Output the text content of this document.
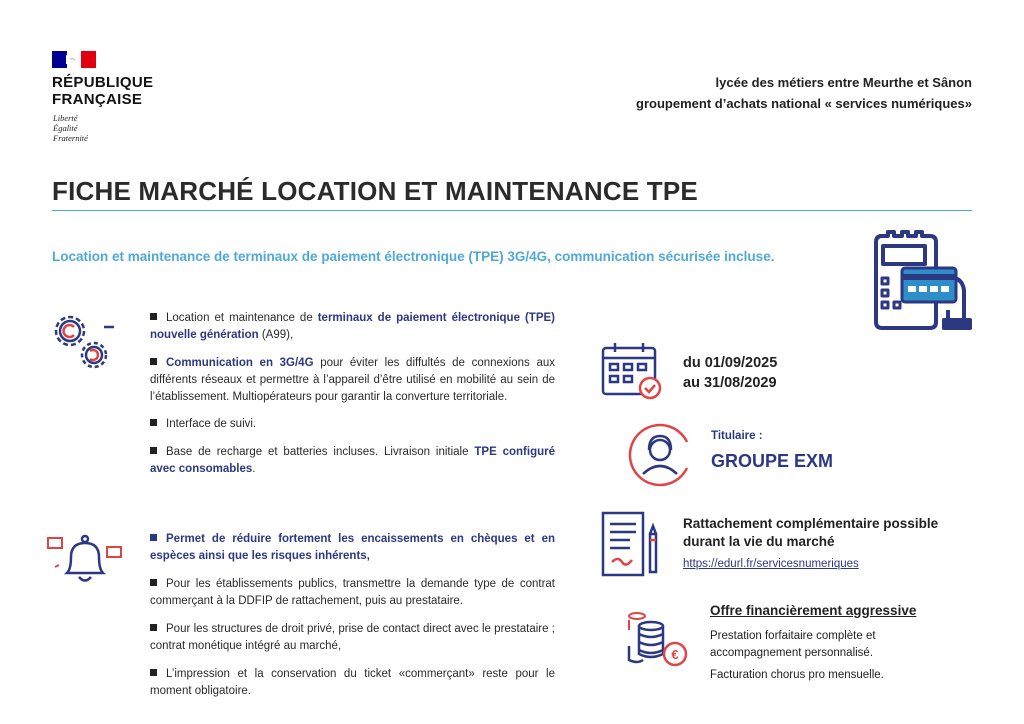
RÉPUBLIQUE
FRANÇAISE
Liberté
Égalité
Fraternité
lycée des métiers entre Meurthe et Sânon
groupement d’achats national « services numériques»
FICHE MARCHÉ LOCATION ET MAINTENANCE TPE
Location et maintenance de terminaux de paiement électronique (TPE) 3G/4G, communication sécurisée incluse.
Location et maintenance de terminaux de paiement électronique (TPE) nouvelle génération (A99),
Communication en 3G/4G pour éviter les diffultés de connexions aux différents réseaux et permettre à l’appareil d’être utilisé en mobilité au sein de l’établissement. Multiopérateurs pour garantir la converture territoriale.
Interface de suivi.
Base de recharge et batteries incluses. Livraison initiale TPE configuré avec consomables.
Permet de réduire fortement les encaissements en chèques et en espèces ainsi que les risques inhérents,
Pour les établissements publics, transmettre la demande type de contrat commerçant à la DDFIP de rattachement, puis au prestataire.
Pour les structures de droit privé, prise de contact direct avec le prestataire ; contrat monétique intégré au marché,
L’impression et la conservation du ticket «commerçant» reste pour le moment obligatoire.
du 01/09/2025
au 31/08/2029
Titulaire :
GROUPE EXM
Rattachement complémentaire possible
durant la vie du marché
https://edurl.fr/servicesnumeriques
€
Offre financièrement aggressive
Prestation forfaitaire complète et
accompagnement personnalisé.
Facturation chorus pro mensuelle.
